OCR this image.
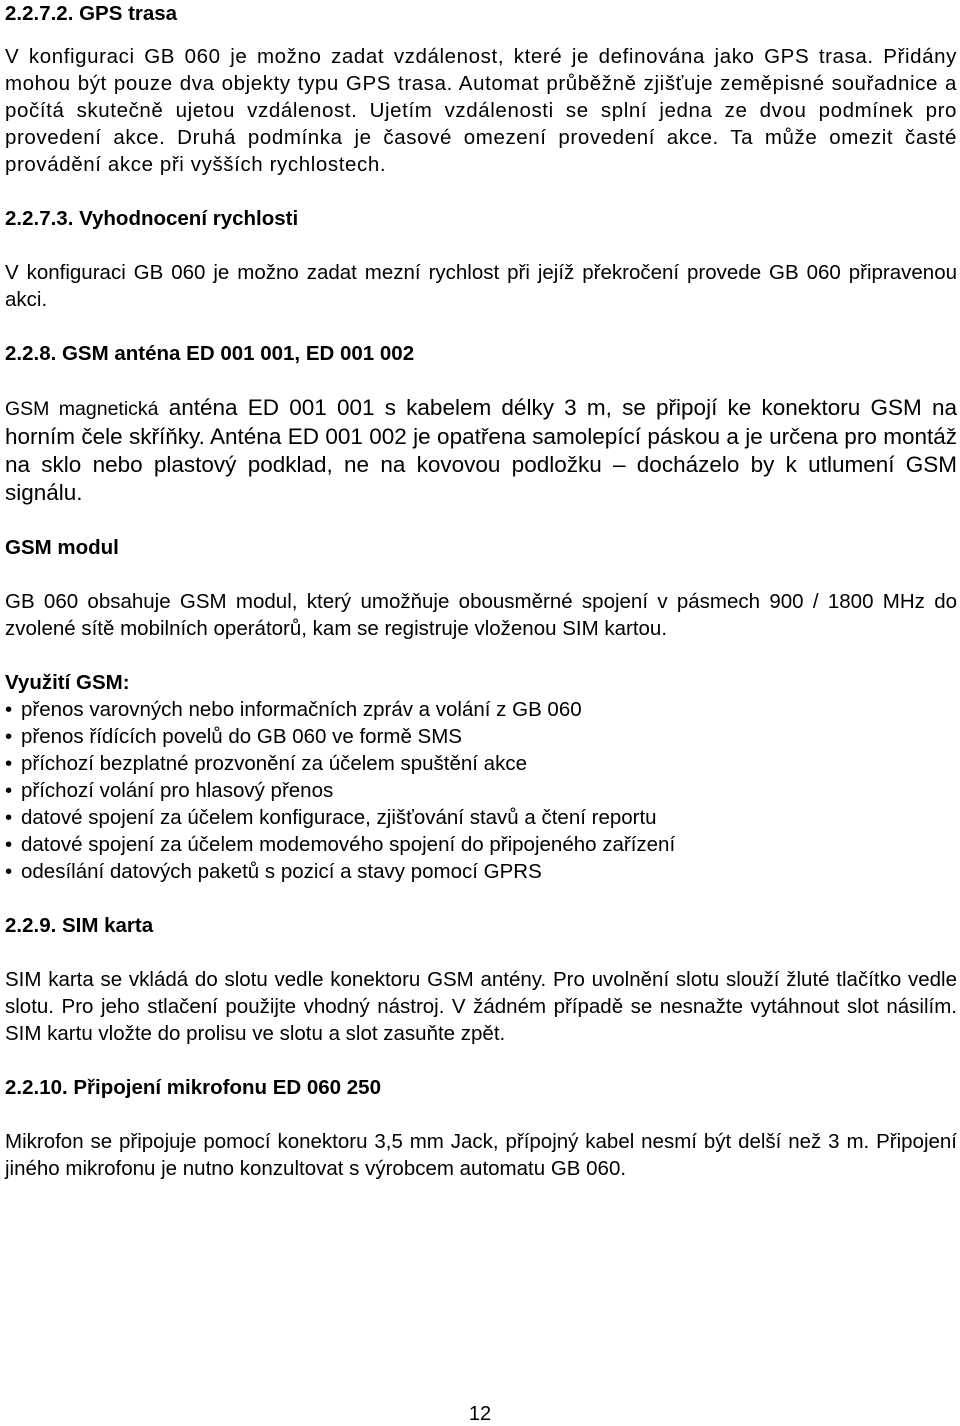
2.2.7.2. GPS trasa

V konfiguraci GB 060 je možno zadat vzdálenost, které je definována jako GPS trasa. Přidány mohou být pouze dva objekty typu GPS trasa. Automat průběžně zjišťuje zeměpisné souřadnice a počítá skutečně ujetou vzdálenost. Ujetím vzdálenosti se splní jedna ze dvou podmínek pro provedení akce. Druhá podmínka je časové omezení provedení akce. Ta může omezit časté provádění akce při vyšších rychlostech.

2.2.7.3. Vyhodnocení rychlosti

V konfiguraci GB 060 je možno zadat mezní rychlost při jejíž překročení provede GB 060 připravenou akci.

2.2.8. GSM anténa ED 001 001, ED 001 002

GSM magnetická anténa ED 001 001 s kabelem délky 3 m, se připojí ke konektoru GSM na horním čele skříňky. Anténa ED 001 002 je opatřena samolepící páskou a je určena pro montáž na sklo nebo plastový podklad, ne na kovovou podložku – docházelo by k utlumení GSM signálu.

GSM modul

GB 060 obsahuje GSM modul, který umožňuje obousměrné spojení v pásmech 900 / 1800 MHz do zvolené sítě mobilních operátorů, kam se registruje vloženou SIM kartou.

Využití GSM:
• přenos varovných nebo informačních zpráv a volání z GB 060
• přenos řídících povelů do GB 060 ve formě SMS
• příchozí bezplatné prozvonění za účelem spuštění akce
• příchozí volání pro hlasový přenos
• datové spojení za účelem konfigurace, zjišťování stavů a čtení reportu
• datové spojení za účelem modemového spojení do připojeného zařízení
• odesílání datových paketů s pozicí a stavy pomocí GPRS
2.2.9. SIM karta

SIM karta se vkládá do slotu vedle konektoru GSM antény. Pro uvolnění slotu slouží žluté tlačítko vedle slotu. Pro jeho stlačení použijte vhodný nástroj. V žádném případě se nesnažte vytáhnout slot násilím. SIM kartu vložte do prolisu ve slotu a slot zasuňte zpět.

2.2.10. Připojení mikrofonu ED 060 250

Mikrofon se připojuje pomocí konektoru 3,5 mm Jack, přípojný kabel nesmí být delší než 3 m. Připojení jiného mikrofonu je nutno konzultovat s výrobcem automatu GB 060.

12
